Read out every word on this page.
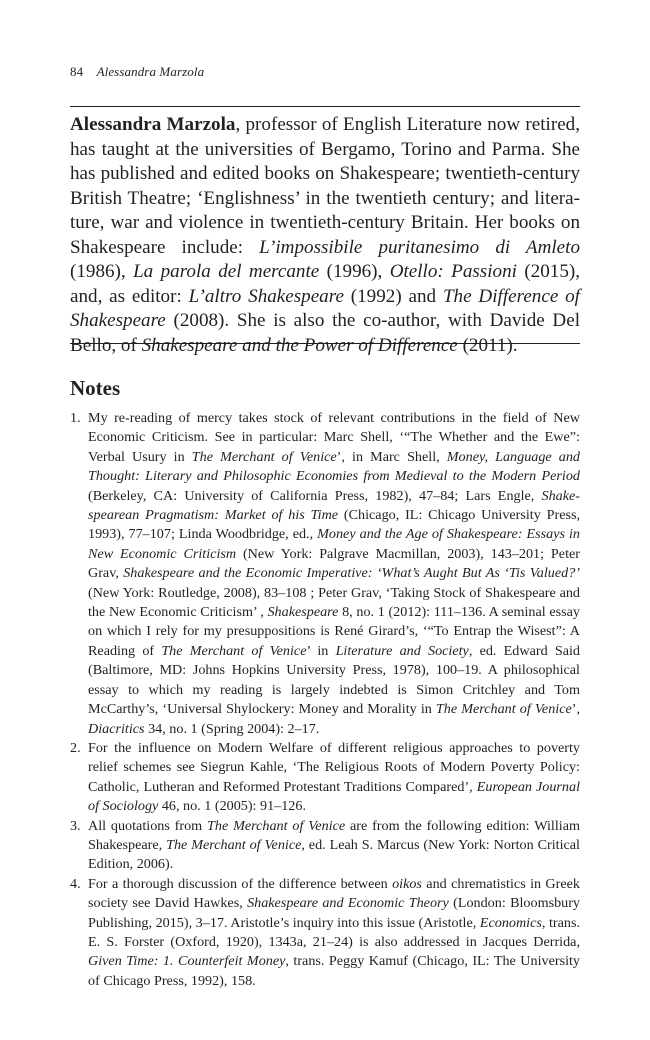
84 Alessandra Marzola

Alessandra Marzola, professor of English Literature now retired, has taught at the universities of Bergamo, Torino and Parma. She has published and edited books on Shakespeare; twentieth-century British Theatre; ‘Englishness’ in the twentieth century; and literature, war and violence in twentieth-century Britain. Her books on Shakespeare include: L’impossibile puritanesimo di Amleto (1986), La parola del mercante (1996), Otello: Passioni (2015), and, as editor: L’altro Shakespeare (1992) and The Difference of Shakespeare (2008). She is also the co-author, with Davide Del Bello, of Shakespeare and the Power of Difference (2011).

Notes
1. My re-reading of mercy takes stock of relevant contributions in the field of New Economic Criticism. See in particular: Marc Shell, ‘“The Whether and the Ewe”: Verbal Usury in The Merchant of Venice’, in Marc Shell, Money, Language and Thought: Literary and Philosophic Economies from Medieval to the Modern Period (Berkeley, CA: University of California Press, 1982), 47–84; Lars Engle, Shakespearean Pragmatism: Market of his Time (Chicago, IL: Chicago University Press, 1993), 77–107; Linda Woodbridge, ed., Money and the Age of Shakespeare: Essays in New Economic Criticism (New York: Palgrave Macmillan, 2003), 143–201; Peter Grav, Shakespeare and the Economic Imperative: ‘What’s Aught But As ‘Tis Valued?’ (New York: Routledge, 2008), 83–108 ; Peter Grav, ‘Taking Stock of Shakespeare and the New Economic Criticism’ , Shakespeare 8, no. 1 (2012): 111–136. A seminal essay on which I rely for my presuppositions is René Girard’s, ‘“To Entrap the Wisest”: A Reading of The Merchant of Venice’ in Literature and Society, ed. Edward Said (Baltimore, MD: Johns Hopkins University Press, 1978), 100–19. A philosophical essay to which my reading is largely indebted is Simon Critchley and Tom McCarthy’s, ‘Universal Shylockery: Money and Morality in The Merchant of Venice’, Diacritics 34, no. 1 (Spring 2004): 2–17.
2. For the influence on Modern Welfare of different religious approaches to poverty relief schemes see Siegrun Kahle, ‘The Religious Roots of Modern Poverty Policy: Catholic, Lutheran and Reformed Protestant Traditions Compared’, European Journal of Sociology 46, no. 1 (2005): 91–126.
3. All quotations from The Merchant of Venice are from the following edition: William Shakespeare, The Merchant of Venice, ed. Leah S. Marcus (New York: Norton Critical Edition, 2006).
4. For a thorough discussion of the difference between oikos and chrematistics in Greek society see David Hawkes, Shakespeare and Economic Theory (London: Bloomsbury Publishing, 2015), 3–17. Aristotle’s inquiry into this issue (Aristotle, Economics, trans. E. S. Forster (Oxford, 1920), 1343a, 21–24) is also addressed in Jacques Derrida, Given Time: 1. Counterfeit Money, trans. Peggy Kamuf (Chicago, IL: The University of Chicago Press, 1992), 158.
